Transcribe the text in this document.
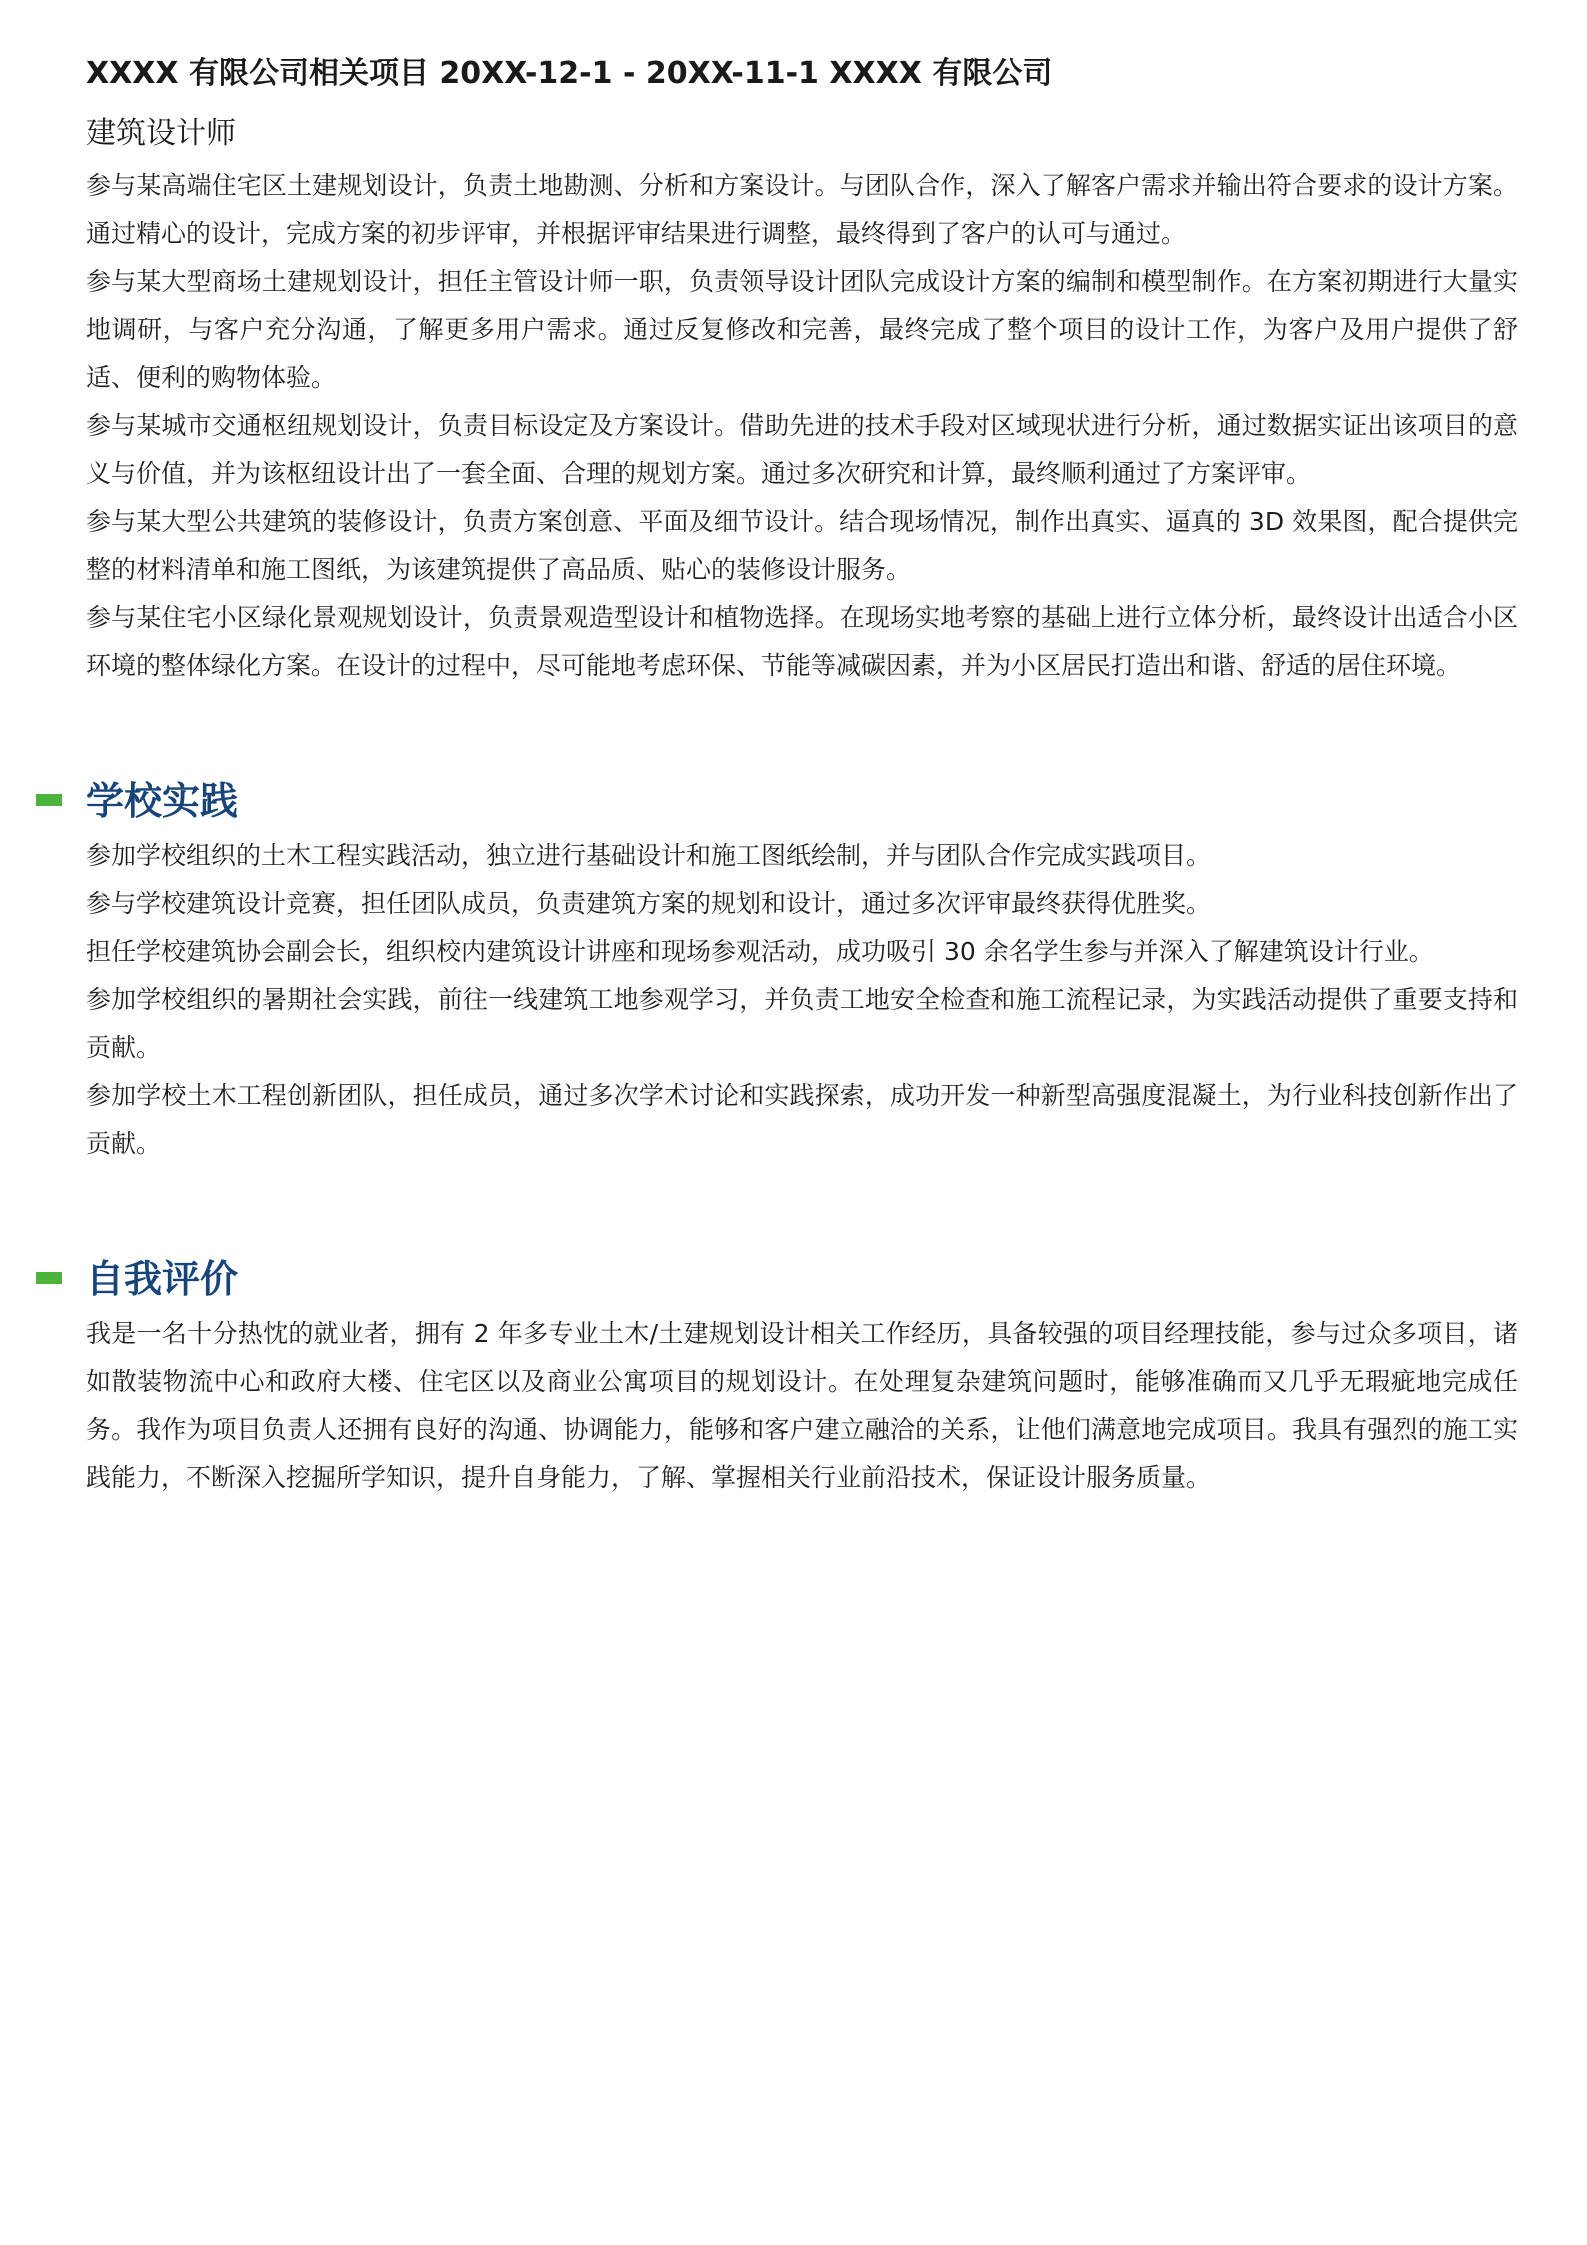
XXXX 有限公司相关项目 20XX-12-1 - 20XX-11-1 XXXX 有限公司
建筑设计师

参与某高端住宅区土建规划设计，负责土地勘测、分析和方案设计。与团队合作，深入了解客户需求并输出符合要求的设计方案。通过精心的设计，完成方案的初步评审，并根据评审结果进行调整，最终得到了客户的认可与通过。

参与某大型商场土建规划设计，担任主管设计师一职，负责领导设计团队完成设计方案的编制和模型制作。在方案初期进行大量实地调研，与客户充分沟通，了解更多用户需求。通过反复修改和完善，最终完成了整个项目的设计工作，为客户及用户提供了舒适、便利的购物体验。

参与某城市交通枢纽规划设计，负责目标设定及方案设计。借助先进的技术手段对区域现状进行分析，通过数据实证出该项目的意义与价值，并为该枢纽设计出了一套全面、合理的规划方案。通过多次研究和计算，最终顺利通过了方案评审。

参与某大型公共建筑的装修设计，负责方案创意、平面及细节设计。结合现场情况，制作出真实、逼真的 3D 效果图，配合提供完整的材料清单和施工图纸，为该建筑提供了高品质、贴心的装修设计服务。

参与某住宅小区绿化景观规划设计，负责景观造型设计和植物选择。在现场实地考察的基础上进行立体分析，最终设计出适合小区环境的整体绿化方案。在设计的过程中，尽可能地考虑环保、节能等减碳因素，并为小区居民打造出和谐、舒适的居住环境。

学校实践

参加学校组织的土木工程实践活动，独立进行基础设计和施工图纸绘制，并与团队合作完成实践项目。

参与学校建筑设计竞赛，担任团队成员，负责建筑方案的规划和设计，通过多次评审最终获得优胜奖。

担任学校建筑协会副会长，组织校内建筑设计讲座和现场参观活动，成功吸引 30 余名学生参与并深入了解建筑设计行业。

参加学校组织的暑期社会实践，前往一线建筑工地参观学习，并负责工地安全检查和施工流程记录，为实践活动提供了重要支持和贡献。

参加学校土木工程创新团队，担任成员，通过多次学术讨论和实践探索，成功开发一种新型高强度混凝土，为行业科技创新作出了贡献。

自我评价

我是一名十分热忱的就业者，拥有 2 年多专业土木/土建规划设计相关工作经历，具备较强的项目经理技能，参与过众多项目，诸如散装物流中心和政府大楼、住宅区以及商业公寓项目的规划设计。在处理复杂建筑问题时，能够准确而又几乎无瑕疵地完成任务。我作为项目负责人还拥有良好的沟通、协调能力，能够和客户建立融洽的关系，让他们满意地完成项目。我具有强烈的施工实践能力，不断深入挖掘所学知识，提升自身能力，了解、掌握相关行业前沿技术，保证设计服务质量。
